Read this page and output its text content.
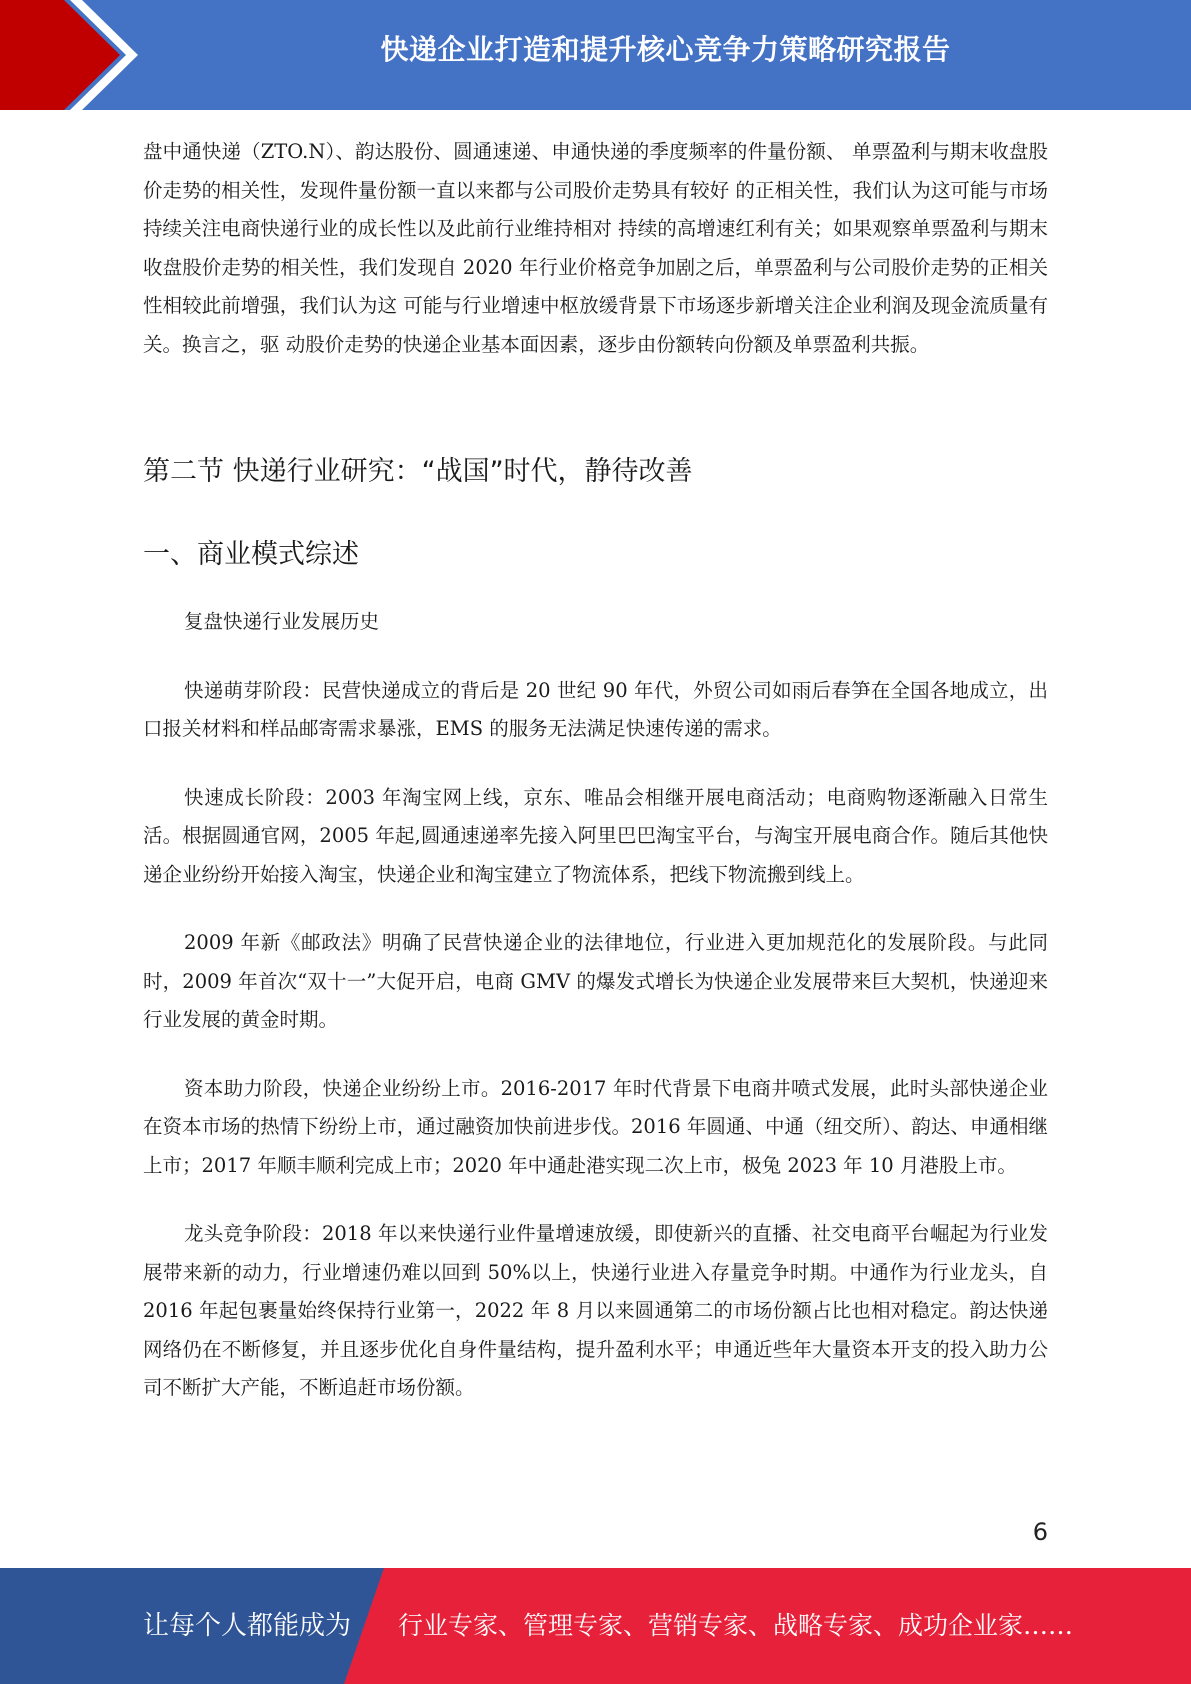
快递企业打造和提升核心竞争力策略研究报告

盘中通快递（ZTO.N）、韵达股份、圆通速递、申通快递的季度频率的件量份额、 单票盈利与期末收盘股价走势的相关性，发现件量份额一直以来都与公司股价走势具有较好 的正相关性，我们认为这可能与市场持续关注电商快递行业的成长性以及此前行业维持相对 持续的高增速红利有关；如果观察单票盈利与期末收盘股价走势的相关性，我们发现自 2020 年行业价格竞争加剧之后，单票盈利与公司股价走势的正相关性相较此前增强，我们认为这 可能与行业增速中枢放缓背景下市场逐步新增关注企业利润及现金流质量有关。换言之，驱 动股价走势的快递企业基本面因素，逐步由份额转向份额及单票盈利共振。

第二节 快递行业研究：“战国”时代，静待改善
一、商业模式综述

复盘快递行业发展历史

快递萌芽阶段：民营快递成立的背后是 20 世纪 90 年代，外贸公司如雨后春笋在全国各地成立，出口报关材料和样品邮寄需求暴涨，EMS 的服务无法满足快速传递的需求。

快速成长阶段：2003 年淘宝网上线，京东、唯品会相继开展电商活动；电商购物逐渐融入日常生活。根据圆通官网，2005 年起,圆通速递率先接入阿里巴巴淘宝平台，与淘宝开展电商合作。随后其他快递企业纷纷开始接入淘宝，快递企业和淘宝建立了物流体系，把线下物流搬到线上。

2009 年新《邮政法》明确了民营快递企业的法律地位，行业进入更加规范化的发展阶段。与此同时，2009 年首次“双十一”大促开启，电商 GMV 的爆发式增长为快递企业发展带来巨大契机，快递迎来行业发展的黄金时期。

资本助力阶段，快递企业纷纷上市。2016-2017 年时代背景下电商井喷式发展，此时头部快递企业在资本市场的热情下纷纷上市，通过融资加快前进步伐。2016 年圆通、中通（纽交所）、韵达、申通相继上市；2017 年顺丰顺利完成上市；2020 年中通赴港实现二次上市，极兔 2023 年 10 月港股上市。

龙头竞争阶段：2018 年以来快递行业件量增速放缓，即使新兴的直播、社交电商平台崛起为行业发展带来新的动力，行业增速仍难以回到 50%以上，快递行业进入存量竞争时期。中通作为行业龙头，自 2016 年起包裹量始终保持行业第一，2022 年 8 月以来圆通第二的市场份额占比也相对稳定。韵达快递网络仍在不断修复，并且逐步优化自身件量结构，提升盈利水平；申通近些年大量资本开支的投入助力公司不断扩大产能，不断追赶市场份额。

6
让每个人都能成为 行业专家、管理专家、营销专家、战略专家、成功企业家……
